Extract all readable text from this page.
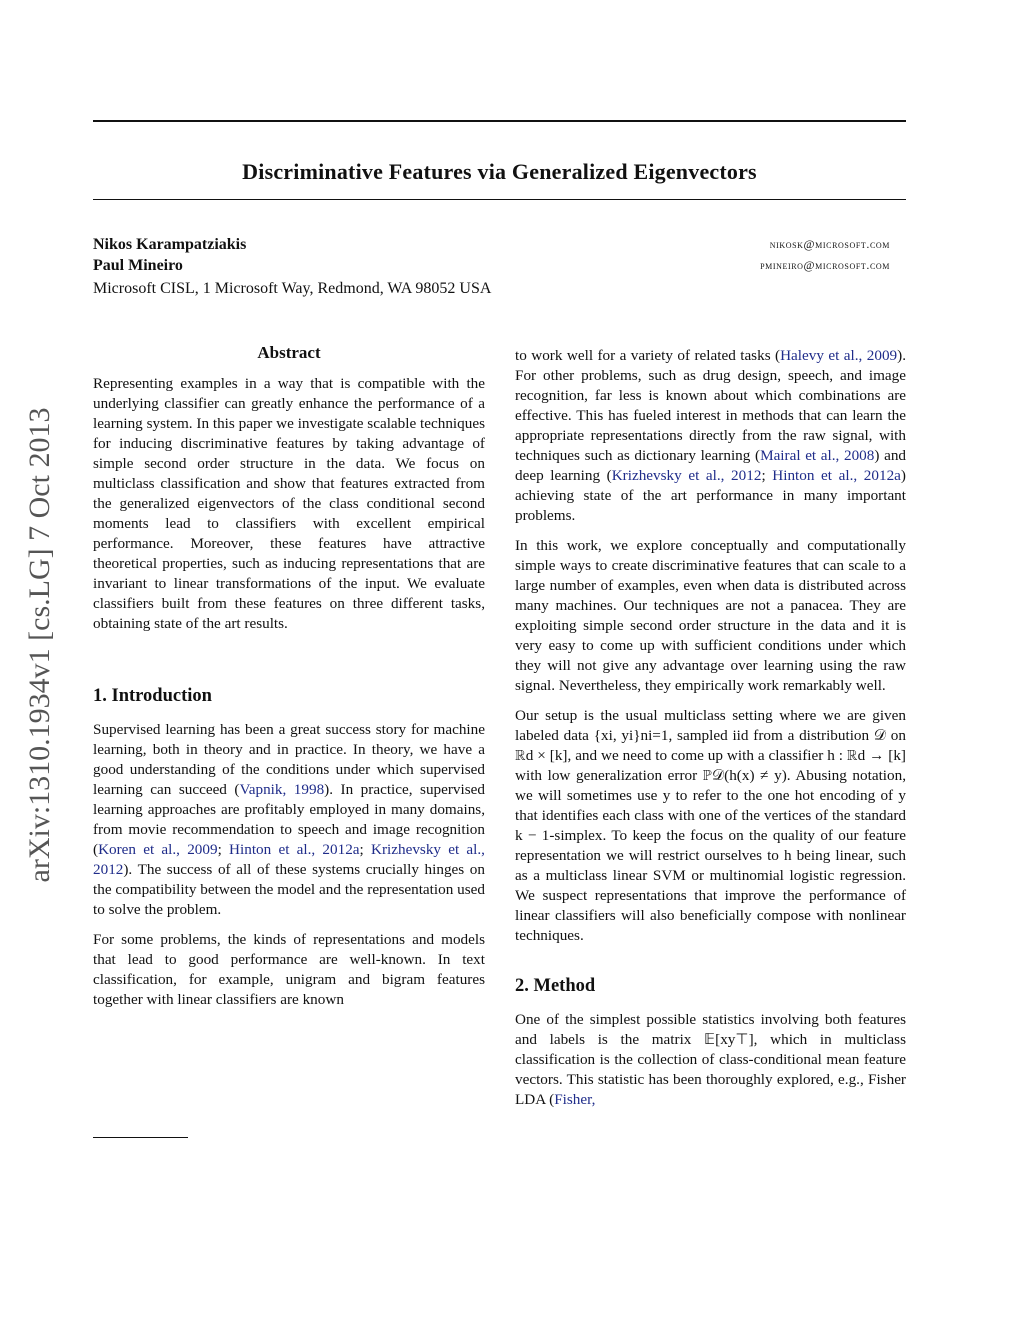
Discriminative Features via Generalized Eigenvectors
Nikos Karampatziakis	nikosk@microsoft.com
Paul Mineiro	pmineiro@microsoft.com
Microsoft CISL, 1 Microsoft Way, Redmond, WA 98052 USA
arXiv:1310.1934v1 [cs.LG] 7 Oct 2013
Abstract

Representing examples in a way that is compatible with the underlying classifier can greatly enhance the performance of a learning system. In this paper we investigate scalable techniques for inducing discriminative features by taking advantage of simple second order structure in the data. We focus on multiclass classification and show that features extracted from the generalized eigenvectors of the class conditional second moments lead to classifiers with excellent empirical performance. Moreover, these features have attractive theoretical properties, such as inducing representations that are invariant to linear transformations of the input. We evaluate classifiers built from these features on three different tasks, obtaining state of the art results.

1. Introduction

Supervised learning has been a great success story for machine learning, both in theory and in practice. In theory, we have a good understanding of the conditions under which supervised learning can succeed (Vapnik, 1998). In practice, supervised learning approaches are profitably employed in many domains, from movie recommendation to speech and image recognition (Koren et al., 2009; Hinton et al., 2012a; Krizhevsky et al., 2012). The success of all of these systems crucially hinges on the compatibility between the model and the representation used to solve the problem.

For some problems, the kinds of representations and models that lead to good performance are well-known. In text classification, for example, unigram and bigram features together with linear classifiers are known

to work well for a variety of related tasks (Halevy et al., 2009). For other problems, such as drug design, speech, and image recognition, far less is known about which combinations are effective. This has fueled interest in methods that can learn the appropriate representations directly from the raw signal, with techniques such as dictionary learning (Mairal et al., 2008) and deep learning (Krizhevsky et al., 2012; Hinton et al., 2012a) achieving state of the art performance in many important problems.

In this work, we explore conceptually and computationally simple ways to create discriminative features that can scale to a large number of examples, even when data is distributed across many machines. Our techniques are not a panacea. They are exploiting simple second order structure in the data and it is very easy to come up with sufficient conditions under which they will not give any advantage over learning using the raw signal. Nevertheless, they empirically work remarkably well.

Our setup is the usual multiclass setting where we are given labeled data {xi, yi}ni=1, sampled iid from a distribution 𝒟 on ℝd × [k], and we need to come up with a classifier h : ℝd → [k] with low generalization error ℙ𝒟(h(x) ≠ y). Abusing notation, we will sometimes use y to refer to the one hot encoding of y that identifies each class with one of the vertices of the standard k − 1-simplex. To keep the focus on the quality of our feature representation we will restrict ourselves to h being linear, such as a multiclass linear SVM or multinomial logistic regression. We suspect representations that improve the performance of linear classifiers will also beneficially compose with nonlinear techniques.

2. Method

One of the simplest possible statistics involving both features and labels is the matrix 𝔼[xy⊤], which in multiclass classification is the collection of class-conditional mean feature vectors. This statistic has been thoroughly explored, e.g., Fisher LDA (Fisher,
